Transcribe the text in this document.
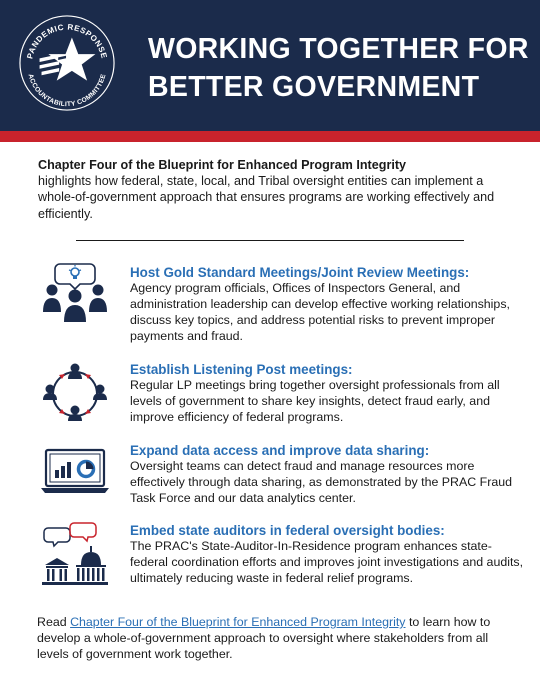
PANDEMIC RESPONSE
ACCOUNTABILITY COMMITTEE
WORKING TOGETHER FOR
BETTER GOVERNMENT

Chapter Four of the Blueprint for Enhanced Program Integrity
highlights how federal, state, local, and Tribal oversight entities can implement a whole-of-government approach that ensures programs are working effectively and efficiently.

Host Gold Standard Meetings/Joint Review Meetings:

Agency program officials, Offices of Inspectors General, and administration leadership can develop effective working relationships, discuss key topics, and address potential risks to prevent improper payments and fraud.

Establish Listening Post meetings:

Regular LP meetings bring together oversight professionals from all levels of government to share key insights, detect fraud early, and improve efficiency of federal programs.

Expand data access and improve data sharing:

Oversight teams can detect fraud and manage resources more effectively through data sharing, as demonstrated by the PRAC Fraud Task Force and our data analytics center.

Embed state auditors in federal oversight bodies:

The PRAC's State-Auditor-In-Residence program enhances state-federal coordination efforts and improves joint investigations and audits, ultimately reducing waste in federal relief programs.

Read Chapter Four of the Blueprint for Enhanced Program Integrity to learn how to develop a whole-of-government approach to oversight where stakeholders from all levels of government work together.
